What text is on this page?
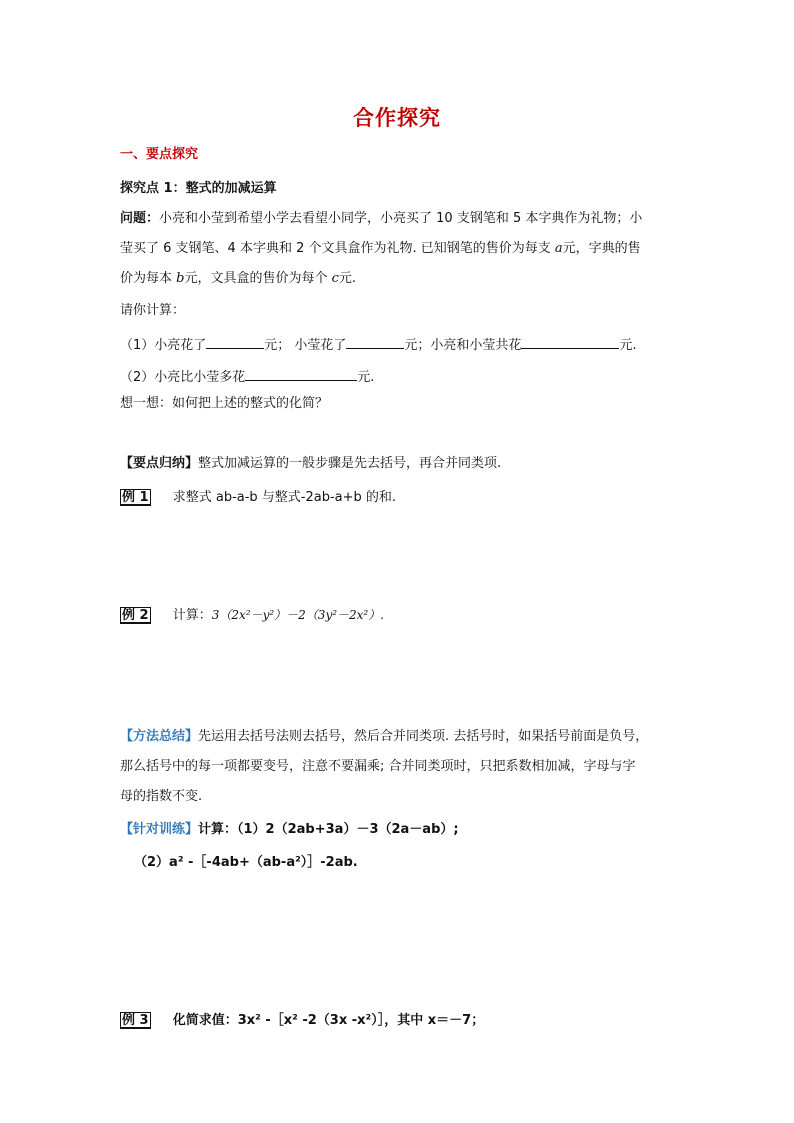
合作探究
一、要点探究
探究点 1：整式的加减运算
问题：小亮和小莹到希望小学去看望小同学，小亮买了 10 支钢笔和 5 本字典作为礼物；小
莹买了 6 支钢笔、4 本字典和 2 个文具盒作为礼物. 已知钢笔的售价为每支 a元，字典的售
价为每本 b元，文具盒的售价为每个 c元.
请你计算：
（1）小亮花了	元； 小莹花了	元；小亮和小莹共花	元.
（2）小亮比小莹多花	元.
想一想：如何把上述的整式的化简？
【要点归纳】整式加减运算的一般步骤是先去括号，再合并同类项.
例 1 求整式 ab-a-b 与整式-2ab-a+b 的和.
例 2 计算：3（2x²－y²）－2（3y²－2x²）.
【方法总结】先运用去括号法则去括号，然后合并同类项. 去括号时，如果括号前面是负号，
那么括号中的每一项都要变号，注意不要漏乘; 合并同类项时，只把系数相加减，字母与字
母的指数不变.
【针对训练】计算：（1）2（2ab+3a）－3（2a－ab）;
（2）a² -［-4ab+（ab-a²）］-2ab.
例 3 化简求值：3x² -［x² -2（3x -x²）］，其中 x＝－7；
